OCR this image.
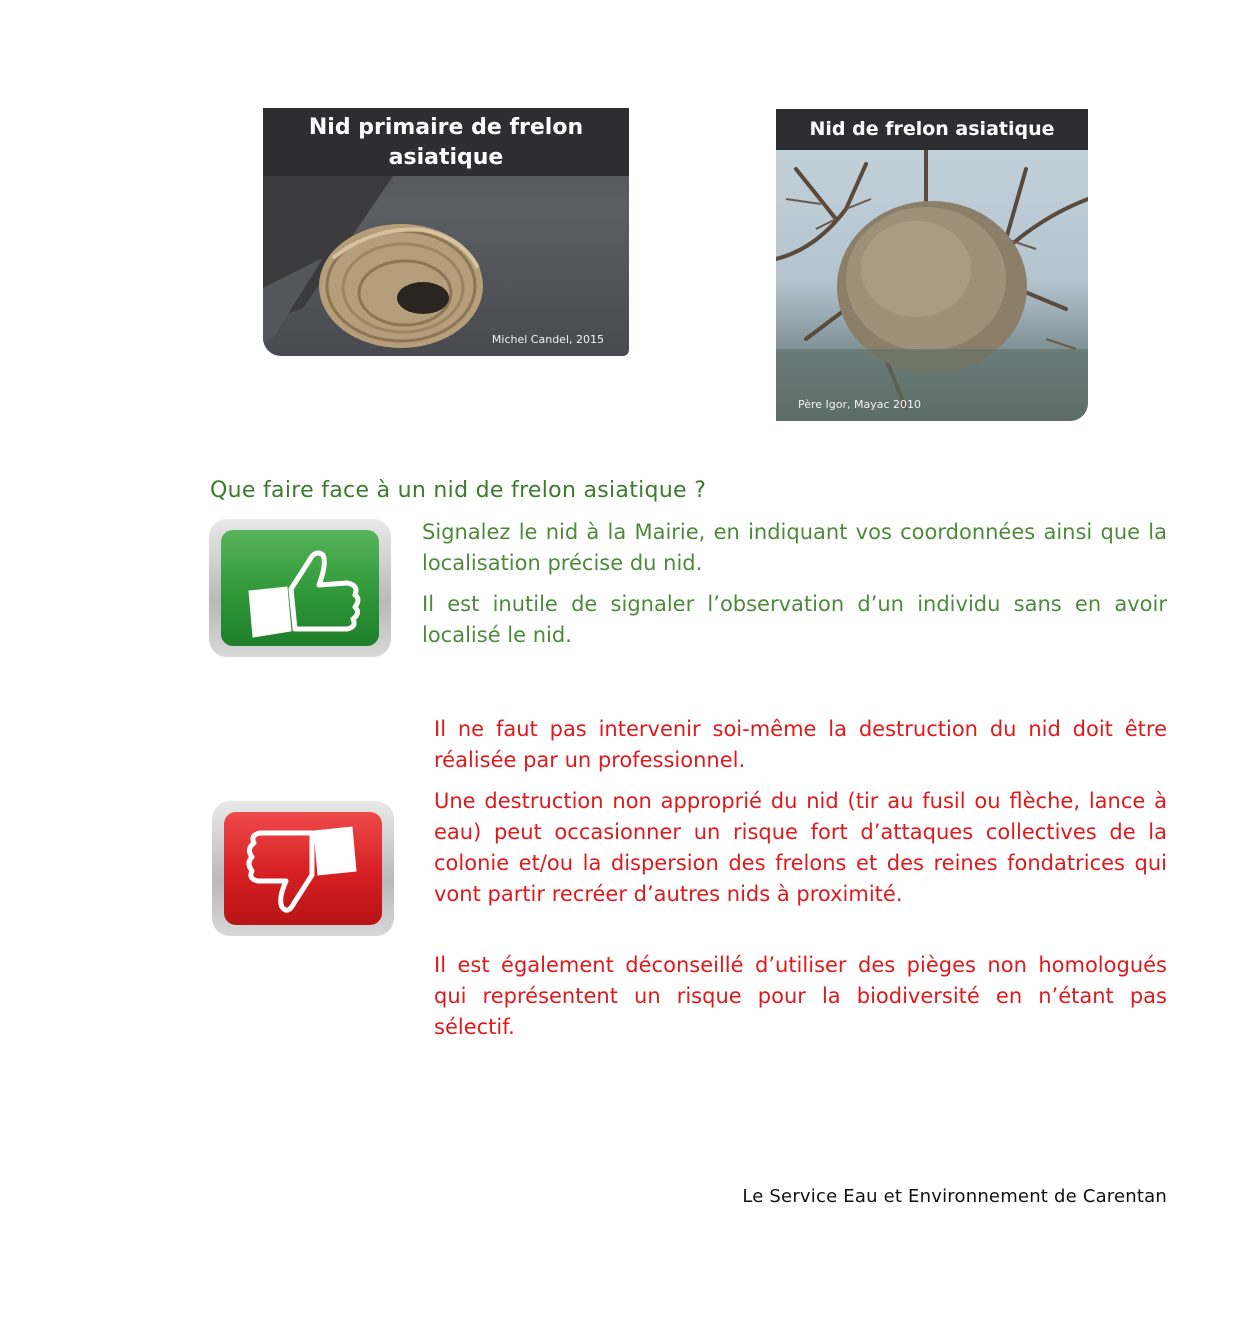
Nid primaire de frelon asiatique
Michel Candel, 2015
Nid de frelon asiatique
Père Igor, Mayac 2010
Que faire face à un nid de frelon asiatique ?

Signalez le nid à la Mairie, en indiquant vos coordonnées ainsi que la localisation précise du nid.

Il est inutile de signaler l’observation d’un individu sans en avoir localisé le nid.

Il ne faut pas intervenir soi-même la destruction du nid doit être réalisée par un professionnel.

Une destruction non approprié du nid (tir au fusil ou flèche, lance à eau) peut occasionner un risque fort d’attaques collectives de la colonie et/ou la dispersion des frelons et des reines fondatrices qui vont partir recréer d’autres nids à proximité.

Il est également déconseillé d’utiliser des pièges non homologués qui représentent un risque pour la biodiversité en n’étant pas sélectif.

Le Service Eau et Environnement de Carentan
